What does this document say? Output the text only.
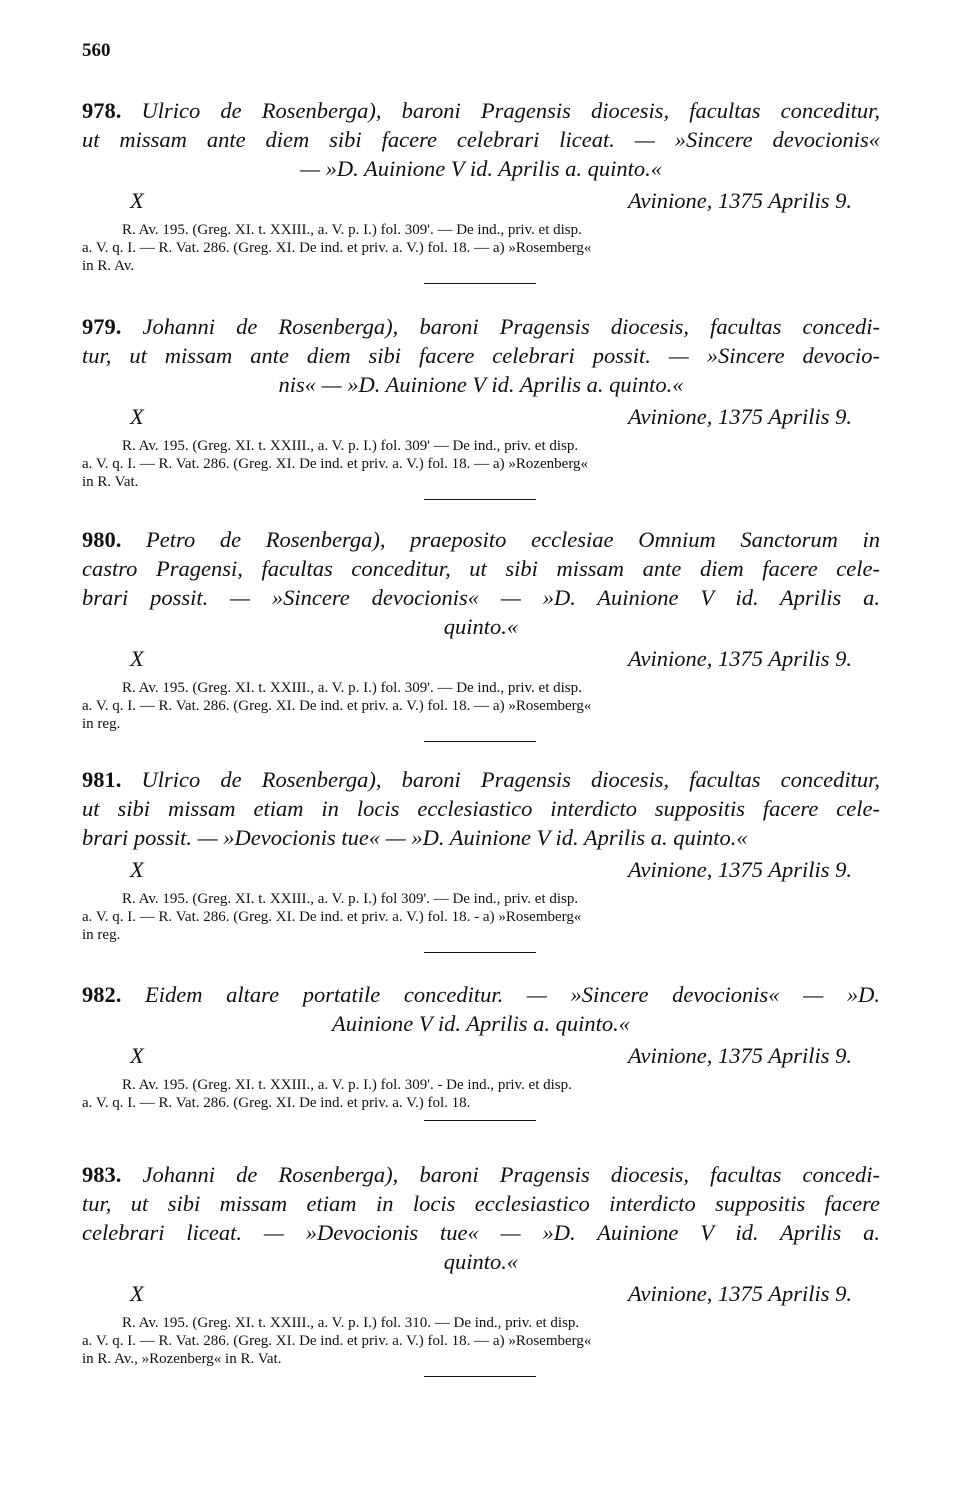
560
978. Ulrico de Rosenberga), baroni Pragensis diocesis, facultas conceditur,
ut missam ante diem sibi facere celebrari liceat. — »Sincere devocionis«
— »D. Auinione V id. Aprilis a. quinto.«
X	Avinione, 1375 Aprilis 9.
R. Av. 195. (Greg. XI. t. XXIII., a. V. p. I.) fol. 309'. — De ind., priv. et disp.
a. V. q. I. — R. Vat. 286. (Greg. XI. De ind. et priv. a. V.) fol. 18. — a) »Rosemberg«
in R. Av.
979. Johanni de Rosenberga), baroni Pragensis diocesis, facultas concedi-
tur, ut missam ante diem sibi facere celebrari possit. — »Sincere devocio-
nis« — »D. Auinione V id. Aprilis a. quinto.«
X	Avinione, 1375 Aprilis 9.
R. Av. 195. (Greg. XI. t. XXIII., a. V. p. I.) fol. 309' — De ind., priv. et disp.
a. V. q. I. — R. Vat. 286. (Greg. XI. De ind. et priv. a. V.) fol. 18. — a) »Rozenberg«
in R. Vat.
980. Petro de Rosenberga), praeposito ecclesiae Omnium Sanctorum in
castro Pragensi, facultas conceditur, ut sibi missam ante diem facere cele-
brari possit. — »Sincere devocionis« — »D. Auinione V id. Aprilis a.
quinto.«
X	Avinione, 1375 Aprilis 9.
R. Av. 195. (Greg. XI. t. XXIII., a. V. p. I.) fol. 309'. — De ind., priv. et disp.
a. V. q. I. — R. Vat. 286. (Greg. XI. De ind. et priv. a. V.) fol. 18. — a) »Rosemberg«
in reg.
981. Ulrico de Rosenberga), baroni Pragensis diocesis, facultas conceditur,
ut sibi missam etiam in locis ecclesiastico interdicto suppositis facere cele-
brari possit. — »Devocionis tue« — »D. Auinione V id. Aprilis a. quinto.«
X	Avinione, 1375 Aprilis 9.
R. Av. 195. (Greg. XI. t. XXIII., a. V. p. I.) fol 309'. — De ind., priv. et disp.
a. V. q. I. — R. Vat. 286. (Greg. XI. De ind. et priv. a. V.) fol. 18. - a) »Rosemberg«
in reg.
982. Eidem altare portatile conceditur. — »Sincere devocionis« — »D.
Auinione V id. Aprilis a. quinto.«
X	Avinione, 1375 Aprilis 9.
R. Av. 195. (Greg. XI. t. XXIII., a. V. p. I.) fol. 309'. - De ind., priv. et disp.
a. V. q. I. — R. Vat. 286. (Greg. XI. De ind. et priv. a. V.) fol. 18.
983. Johanni de Rosenberga), baroni Pragensis diocesis, facultas concedi-
tur, ut sibi missam etiam in locis ecclesiastico interdicto suppositis facere
celebrari liceat. — »Devocionis tue« — »D. Auinione V id. Aprilis a.
quinto.«
X	Avinione, 1375 Aprilis 9.
R. Av. 195. (Greg. XI. t. XXIII., a. V. p. I.) fol. 310. — De ind., priv. et disp.
a. V. q. I. — R. Vat. 286. (Greg. XI. De ind. et priv. a. V.) fol. 18. — a) »Rosemberg«
in R. Av., »Rozenberg« in R. Vat.
